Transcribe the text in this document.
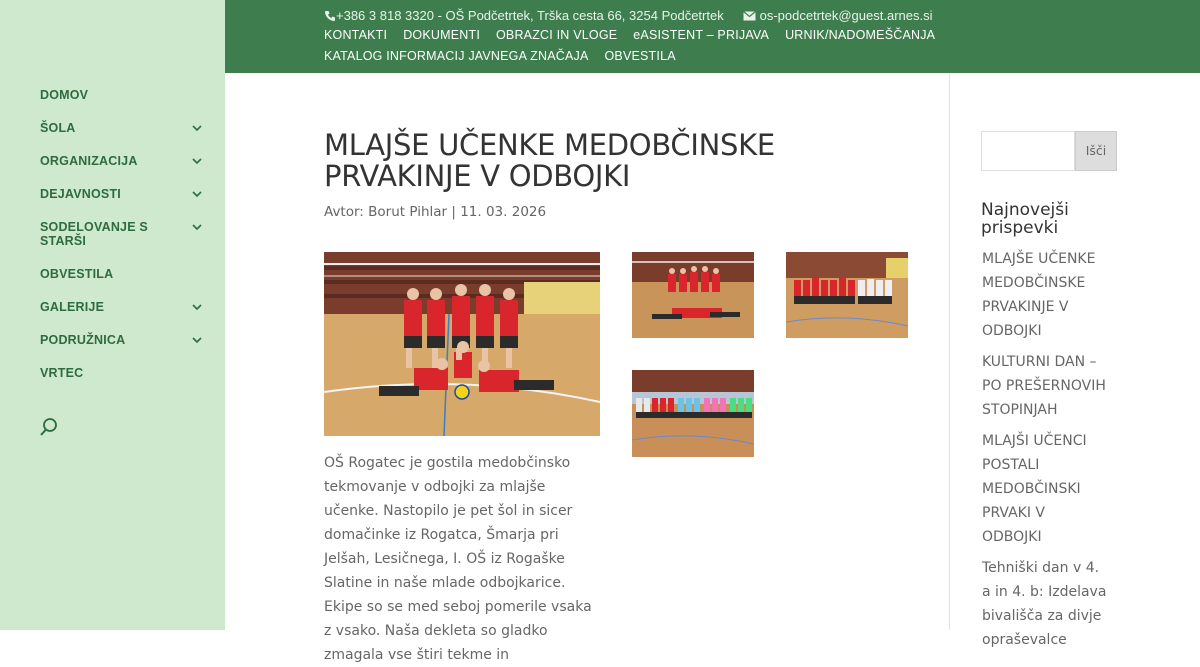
DOMOV
ŠOLA
ORGANIZACIJA
DEJAVNOSTI
SODELOVANJE S STARŠI
OBVESTILA
GALERIJE
PODRUŽNICA
VRTEC
+386 3 818 3320 - OŠ Podčetrtek, Trška cesta 66, 3254 Podčetrtek	os-podcetrtek@guest.arnes.si
KONTAKTI DOKUMENTI OBRAZCI IN VLOGE eASISTENT – PRIJAVA URNIK/NADOMEŠČANJA
KATALOG INFORMACIJ JAVNEGA ZNAČAJA OBVESTILA
MLAJŠE UČENKE MEDOBČINSKE PRVAKINJE V ODBOJKI
Avtor: Borut Pihlar | 11. 03. 2026
OŠ Rogatec je gostila medobčinsko tekmovanje v odbojki za mlajše učenke. Nastopilo je pet šol in sicer domačinke iz Rogatca, Šmarja pri Jelšah, Lesičnega, I. OŠ iz Rogaške Slatine in naše mlade odbojkarice. Ekipe so se med seboj pomerile vsaka z vsako. Naša dekleta so gladko zmagala vse štiri tekme in
Išči
Najnovejši prispevki
MLAJŠE UČENKE MEDOBČINSKE PRVAKINJE V ODBOJKI
KULTURNI DAN – PO PREŠERNOVIH STOPINJAH
MLAJŠI UČENCI POSTALI MEDOBČINSKI PRVAKI V ODBOJKI
Tehniški dan v 4. a in 4. b: Izdelava bivališča za divje opraševalce
